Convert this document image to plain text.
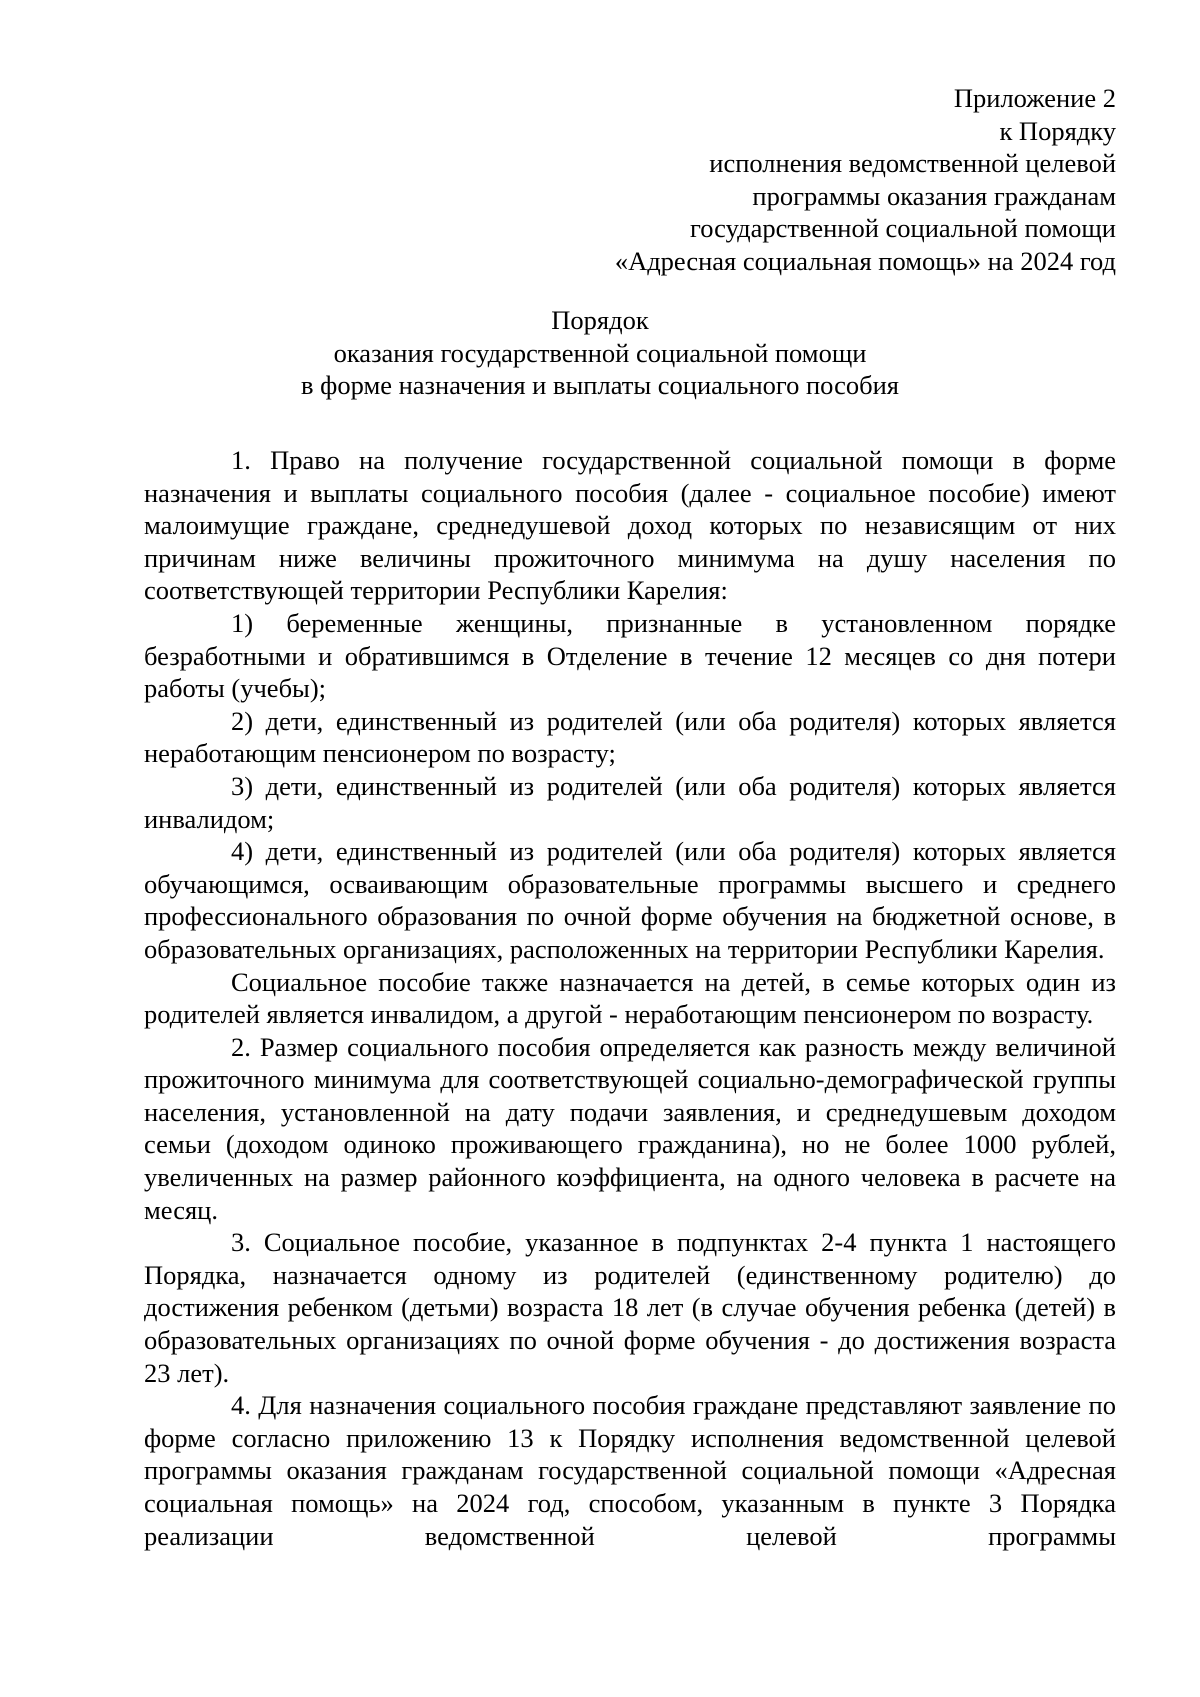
Приложение 2
к Порядку
исполнения ведомственной целевой
программы оказания гражданам
государственной социальной помощи
«Адресная социальная помощь» на 2024 год
Порядок
оказания государственной социальной помощи
в форме назначения и выплаты социального пособия

1. Право на получение государственной социальной помощи в форме назначения и выплаты социального пособия (далее - социальное пособие) имеют малоимущие граждане, среднедушевой доход которых по независящим от них причинам ниже величины прожиточного минимума на душу населения по соответствующей территории Республики Карелия:

1) беременные женщины, признанные в установленном порядке безработными и обратившимся в Отделение в течение 12 месяцев со дня потери работы (учебы);

2) дети, единственный из родителей (или оба родителя) которых является неработающим пенсионером по возрасту;

3) дети, единственный из родителей (или оба родителя) которых является инвалидом;

4) дети, единственный из родителей (или оба родителя) которых является обучающимся, осваивающим образовательные программы высшего и среднего профессионального образования по очной форме обучения на бюджетной основе, в образовательных организациях, расположенных на территории Республики Карелия.

Социальное пособие также назначается на детей, в семье которых один из родителей является инвалидом, а другой - неработающим пенсионером по возрасту.

2. Размер социального пособия определяется как разность между величиной прожиточного минимума для соответствующей социально-демографической группы населения, установленной на дату подачи заявления, и среднедушевым доходом семьи (доходом одиноко проживающего гражданина), но не более 1000 рублей, увеличенных на размер районного коэффициента, на одного человека в расчете на месяц.

3. Социальное пособие, указанное в подпунктах 2-4 пункта 1 настоящего Порядка, назначается одному из родителей (единственному родителю) до достижения ребенком (детьми) возраста 18 лет (в случае обучения ребенка (детей) в образовательных организациях по очной форме обучения - до достижения возраста 23 лет).

4. Для назначения социального пособия граждане представляют заявление по форме согласно приложению 13 к Порядку исполнения ведомственной целевой программы оказания гражданам государственной социальной помощи «Адресная социальная помощь» на 2024 год, способом, указанным в пункте 3 Порядка реализации ведомственной целевой программы
